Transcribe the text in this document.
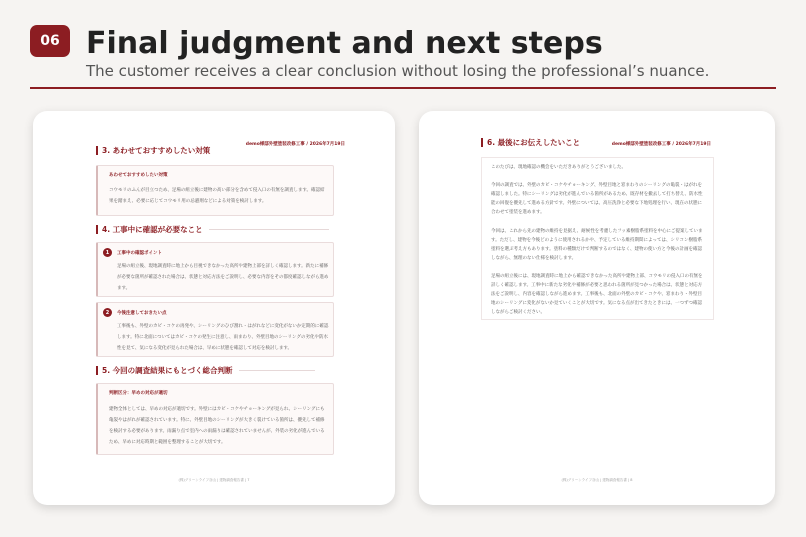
06 Final judgment and next steps
The customer receives a clear conclusion without losing the professional’s nuance.
demo様邸外壁塗装改修工事 / 2026年7月19日
3. あわせておすすめしたい対策
あわせておすすめしたい対策
コウモリのふんが目立つため、足場の組立後に建物の高い部分を含めて侵入口の有無を調査します。確認結果を踏まえ、必要に応じてコウモリ用の忌避剤などによる対策を検討します。
4. 工事中に確認が必要なこと
1	工事中の確認ポイント
足場の組立後、現地調査時に地上から目視できなかった高所や建物上部を詳しく確認します。新たに補修が必要な箇所が確認された場合は、状態と対応方法をご説明し、必要な内容をその都度確認しながら進めます。
2	今後注意しておきたい点
工事後も、外壁のカビ・コケの再発や、シーリングのひび割れ・はがれなどに変化がないか定期的に確認します。特に北面についてはカビ・コケの発生に注意し、雨まわり、外壁目地のシーリングの劣化や防水性を見て、気になる変化が見られた場合は、早めに状態を確認して対応を検討します。
5. 今回の調査結果にもとづく総合判断
判断区分：早めの対応が適切
建物全体としては、早めの対応が適切です。外壁にはカビ・コケやチョーキングが見られ、シーリングにも亀裂やはがれが確認されています。特に、外壁目地のシーリングが大きく裂けている箇所は、優先して補修を検討する必要があります。雨漏り点で室内への雨漏りは確認されていませんが、外装の劣化が進んでいるため、早めに対応時期と範囲を整理することが大切です。
(株)グリーンライフ谷山 | 建物調査報告書 | 7
demo様邸外壁塗装改修工事 / 2026年7月19日
6. 最後にお伝えしたいこと
このたびは、現地確認の機会をいただきありがとうございました。
今回の調査では、外壁のカビ・コケやチョーキング、外壁目地と窓まわりのシーリングの亀裂・はがれを確認しました。特にシーリングは劣化が進んでいる箇所があるため、既存材を撤去して打ち替え、防水性能の回復を優先して進める方針です。外壁については、高圧洗浄と必要な下地処理を行い、現在の状態に合わせて塗装を進めます。
今回は、これから先の建物の維持を見据え、耐候性を考慮したフッ素樹脂系塗料を中心にご提案しています。ただし、建物を今後どのように使用されるかや、予定している維持期間によっては、シリコン樹脂系塗料を選ぶ考え方もあります。塗料の種類だけで判断するのではなく、建物の使い方と今後の計画を確認しながら、無理のない仕様を検討します。
足場の組立後には、現地調査時に地上から確認できなかった高所や建物上部、コウモリの侵入口の有無を詳しく確認します。工事中に新たな劣化や補修が必要と思われる箇所が見つかった場合は、状態と対応方法をご説明し、内容を確認しながら進めます。工事後も、北面の外壁のカビ・コケや、窓まわり・外壁目地のシーリングに変化がないか見ていくことが大切です。気になる点が出てきたときには、一つずつ確認しながらご検討ください。
(株)グリーンライフ谷山 | 建物調査報告書 | 8
